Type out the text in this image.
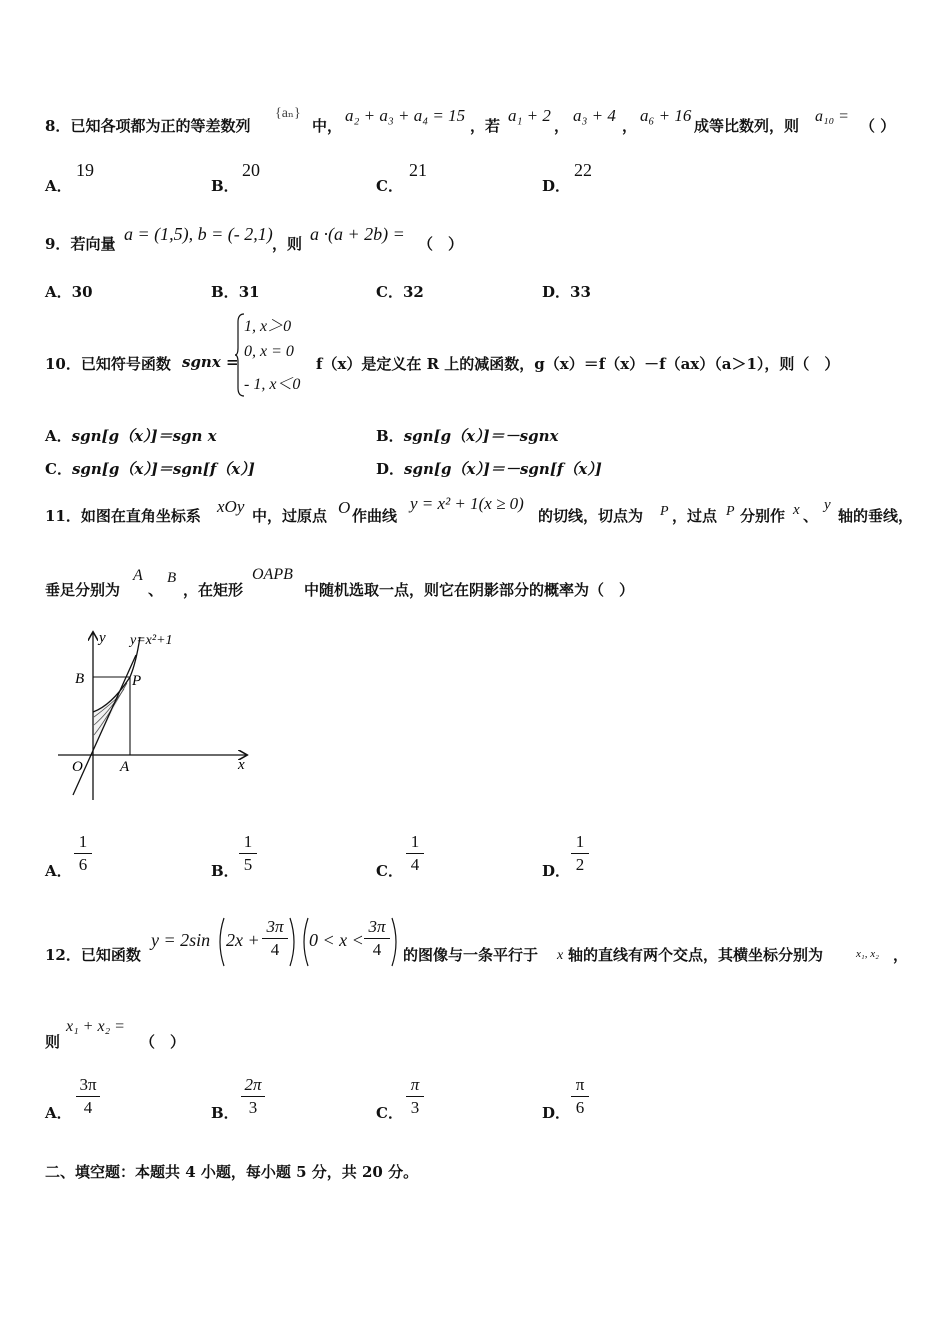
8．已知各项都为正的等差数列
{aₙ}
中，
a₂ + a₃ + a₄ = 15
，若
a₁ + 2
，
a₃ + 4
，
a₆ + 16
成等比数列，则
a₁₀ =
（ ）
A．
19
B．
20
C．
21
D．
22
9．若向量 a = (1,5), b = (- 2,1) ，则 a ·(a + 2b) = （　）
A．30	B．31	C．32	D．33
10．已知符号函数 sgnx =
1, x＞0
0, x = 0
- 1, x＜0
f（x）是定义在 R 上的减函数，g（x）＝f（x）－f（ax）（a＞1），则（　）
A．sgn[g（x）]＝sgn x	B．sgn[g（x）]＝－sgnx
C．sgn[g（x）]＝sgn[f（x）]	D．sgn[g（x）]＝－sgn[f（x）]
11．如图在直角坐标系 xOy 中，过原点 O 作曲线
y = x² + 1(x ≥ 0)
的切线，切点为 P ，过点 P 分别作 x 、
y
轴的垂线，
垂足分别为
A
、
B
，在矩形
OAPB
中随机选取一点，则它在阴影部分的概率为（　）
y y=x²+1
B	P
O A	x
A．
1
6	B．
1
5	C．
1
4	D．
1
2
12．已知函数
y = 2sin 2x +
3π
4	0 < x <
3π
4	的图像与一条平行于 x 轴的直线有两个交点，其横坐标分别为	x₁, x₂ ，
则
x₁ + x₂ =
（　）
A．
3π
4	B．
2π
3	C．
π
3	D．
π
6
二、填空题：本题共 4 小题，每小题 5 分，共 20 分。
